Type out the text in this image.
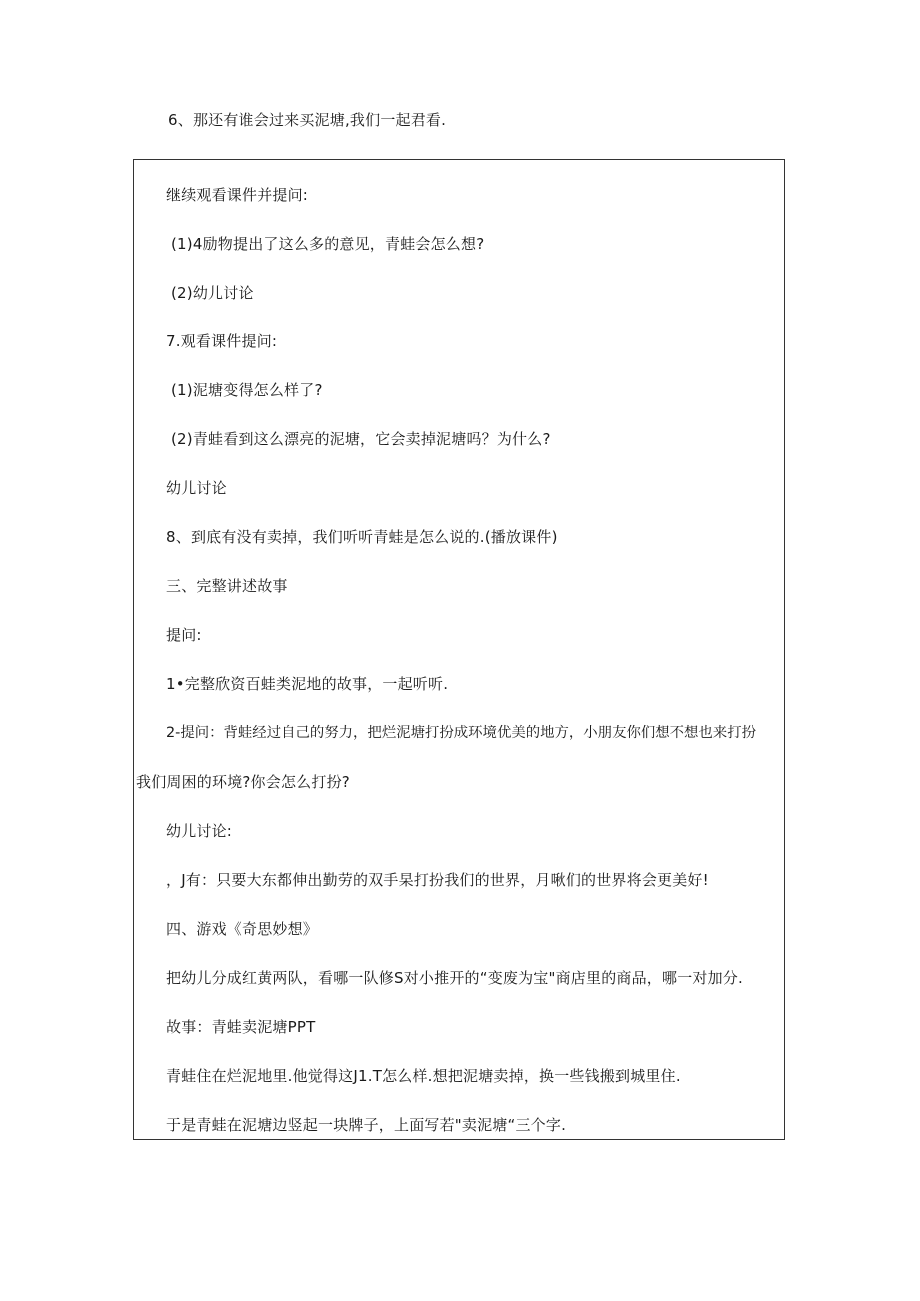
6、那还有谁会过来买泥塘,我们一起君看.
继续观看课件并提问:
(1)4励物提出了这么多的意见，青蛙会怎么想?
(2)幼儿讨论
7.观看课件提问:
(1)泥塘变得怎么样了?
(2)青蛙看到这么漂亮的泥塘，它会卖掉泥塘吗？为什么?
幼儿讨论
8、到底有没有卖掉，我们听听青蛙是怎么说的.(播放课件)
三、完整讲述故事
提问:
1•完整欣资百蛙类泥地的故事，一起听听.
2-提问：背蛙经过自己的努力，把烂泥塘打扮成环境优美的地方，小朋友你们想不想也来打扮
我们周困的环境?你会怎么打扮?
幼儿讨论:
，J有：只要大东都伸出勤劳的双手杲打扮我们的世界，月啾们的世界将会更美好!
四、游戏《奇思妙想》
把幼儿分成红黄两队，看哪一队修S对小推开的“变废为宝"商店里的商品，哪一对加分.
故事：青蛙卖泥塘PPT
青蛙住在烂泥地里.他觉得这J1.T怎么样.想把泥塘卖掉，换一些钱搬到城里住.
于是青蛙在泥塘边竖起一块牌子，上面写若"卖泥塘“三个字.
